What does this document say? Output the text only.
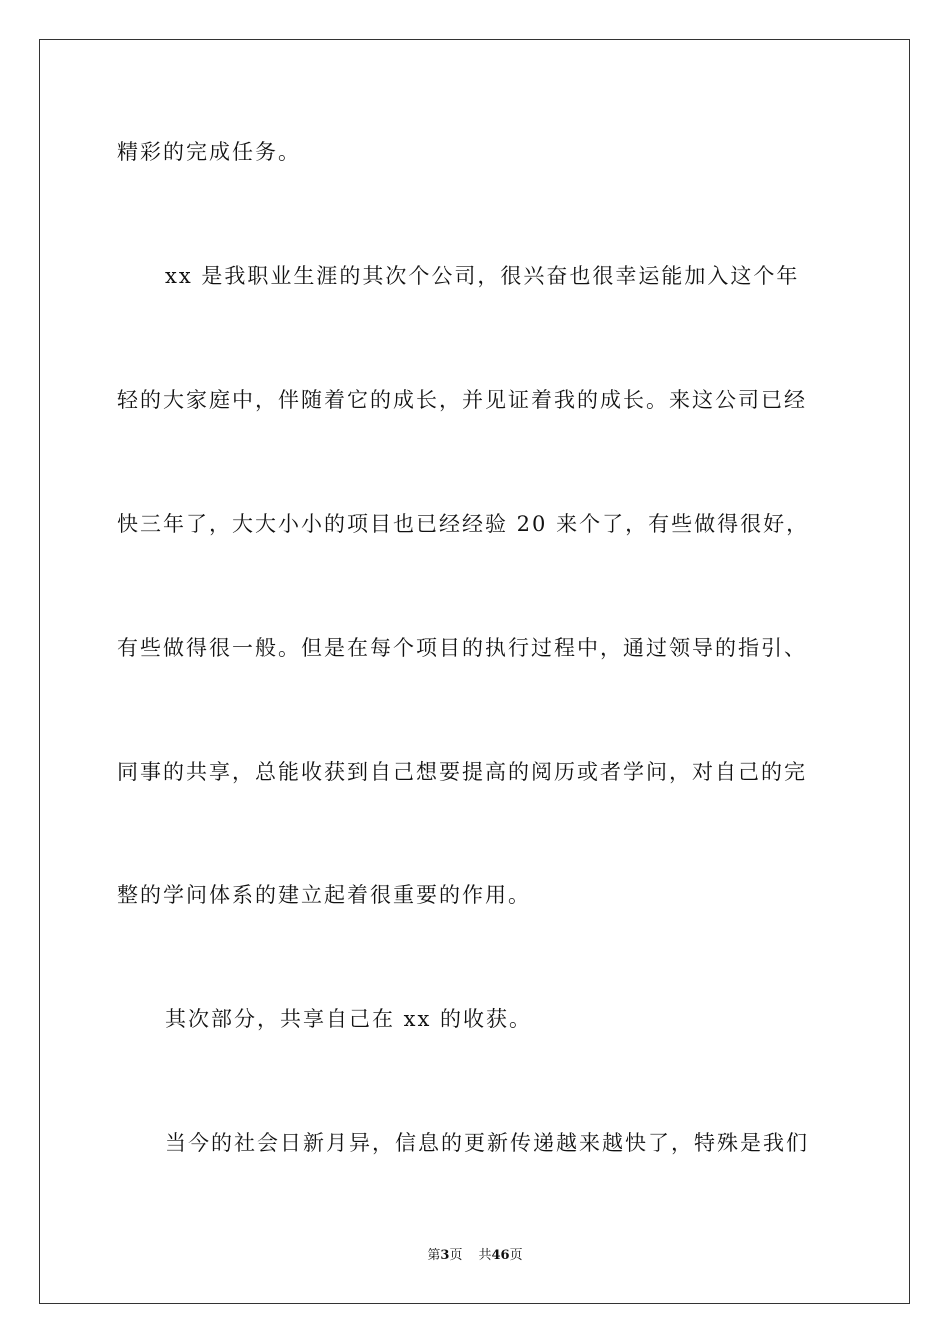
精彩的完成任务。
xx 是我职业生涯的其次个公司，很兴奋也很幸运能加入这个年
轻的大家庭中，伴随着它的成长，并见证着我的成长。来这公司已经
快三年了，大大小小的项目也已经经验 20 来个了，有些做得很好，
有些做得很一般。但是在每个项目的执行过程中，通过领导的指引、
同事的共享，总能收获到自己想要提高的阅历或者学问，对自己的完
整的学问体系的建立起着很重要的作用。
其次部分，共享自己在 xx 的收获。
当今的社会日新月异，信息的更新传递越来越快了，特殊是我们
第3页 共46页
